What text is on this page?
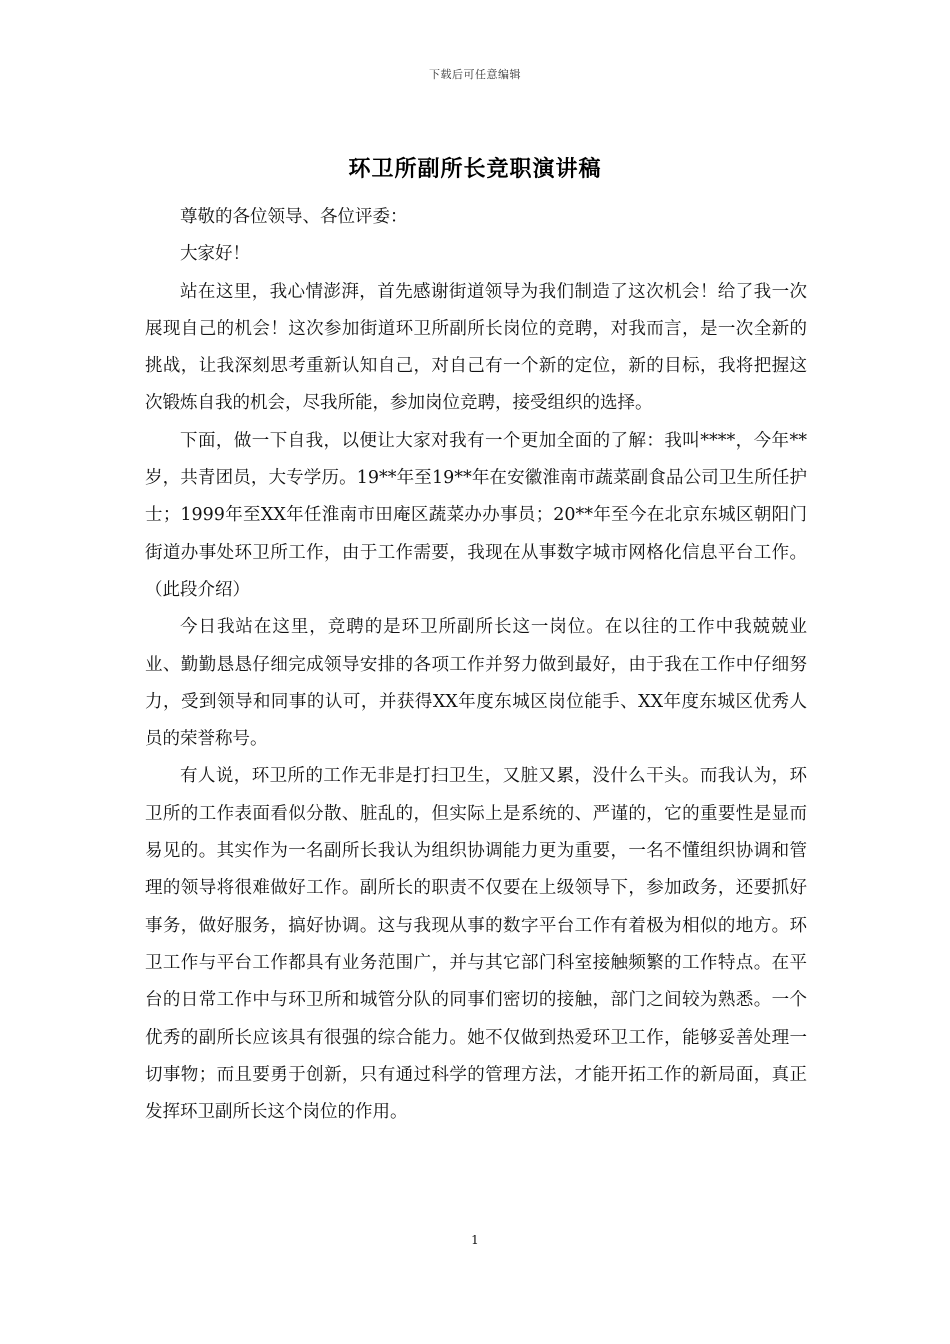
下载后可任意编辑
环卫所副所长竞职演讲稿

尊敬的各位领导、各位评委：

大家好！

站在这里，我心情澎湃，首先感谢街道领导为我们制造了这次机会！给了我一次展现自己的机会！这次参加街道环卫所副所长岗位的竞聘，对我而言，是一次全新的挑战，让我深刻思考重新认知自己，对自己有一个新的定位，新的目标，我将把握这次锻炼自我的机会，尽我所能，参加岗位竞聘，接受组织的选择。

下面，做一下自我，以便让大家对我有一个更加全面的了解：我叫****，今年**岁，共青团员，大专学历。19**年至19**年在安徽淮南市蔬菜副食品公司卫生所任护士；1999年至XX年任淮南市田庵区蔬菜办办事员；20**年至今在北京东城区朝阳门街道办事处环卫所工作，由于工作需要，我现在从事数字城市网格化信息平台工作。（此段介绍）

今日我站在这里，竞聘的是环卫所副所长这一岗位。在以往的工作中我兢兢业业、勤勤恳恳仔细完成领导安排的各项工作并努力做到最好，由于我在工作中仔细努力，受到领导和同事的认可，并获得XX年度东城区岗位能手、XX年度东城区优秀人员的荣誉称号。

有人说，环卫所的工作无非是打扫卫生，又脏又累，没什么干头。而我认为，环卫所的工作表面看似分散、脏乱的，但实际上是系统的、严谨的，它的重要性是显而易见的。其实作为一名副所长我认为组织协调能力更为重要，一名不懂组织协调和管理的领导将很难做好工作。副所长的职责不仅要在上级领导下，参加政务，还要抓好事务，做好服务，搞好协调。这与我现从事的数字平台工作有着极为相似的地方。环卫工作与平台工作都具有业务范围广，并与其它部门科室接触频繁的工作特点。在平台的日常工作中与环卫所和城管分队的同事们密切的接触，部门之间较为熟悉。一个优秀的副所长应该具有很强的综合能力。她不仅做到热爱环卫工作，能够妥善处理一切事物；而且要勇于创新，只有通过科学的管理方法，才能开拓工作的新局面，真正发挥环卫副所长这个岗位的作用。

1
